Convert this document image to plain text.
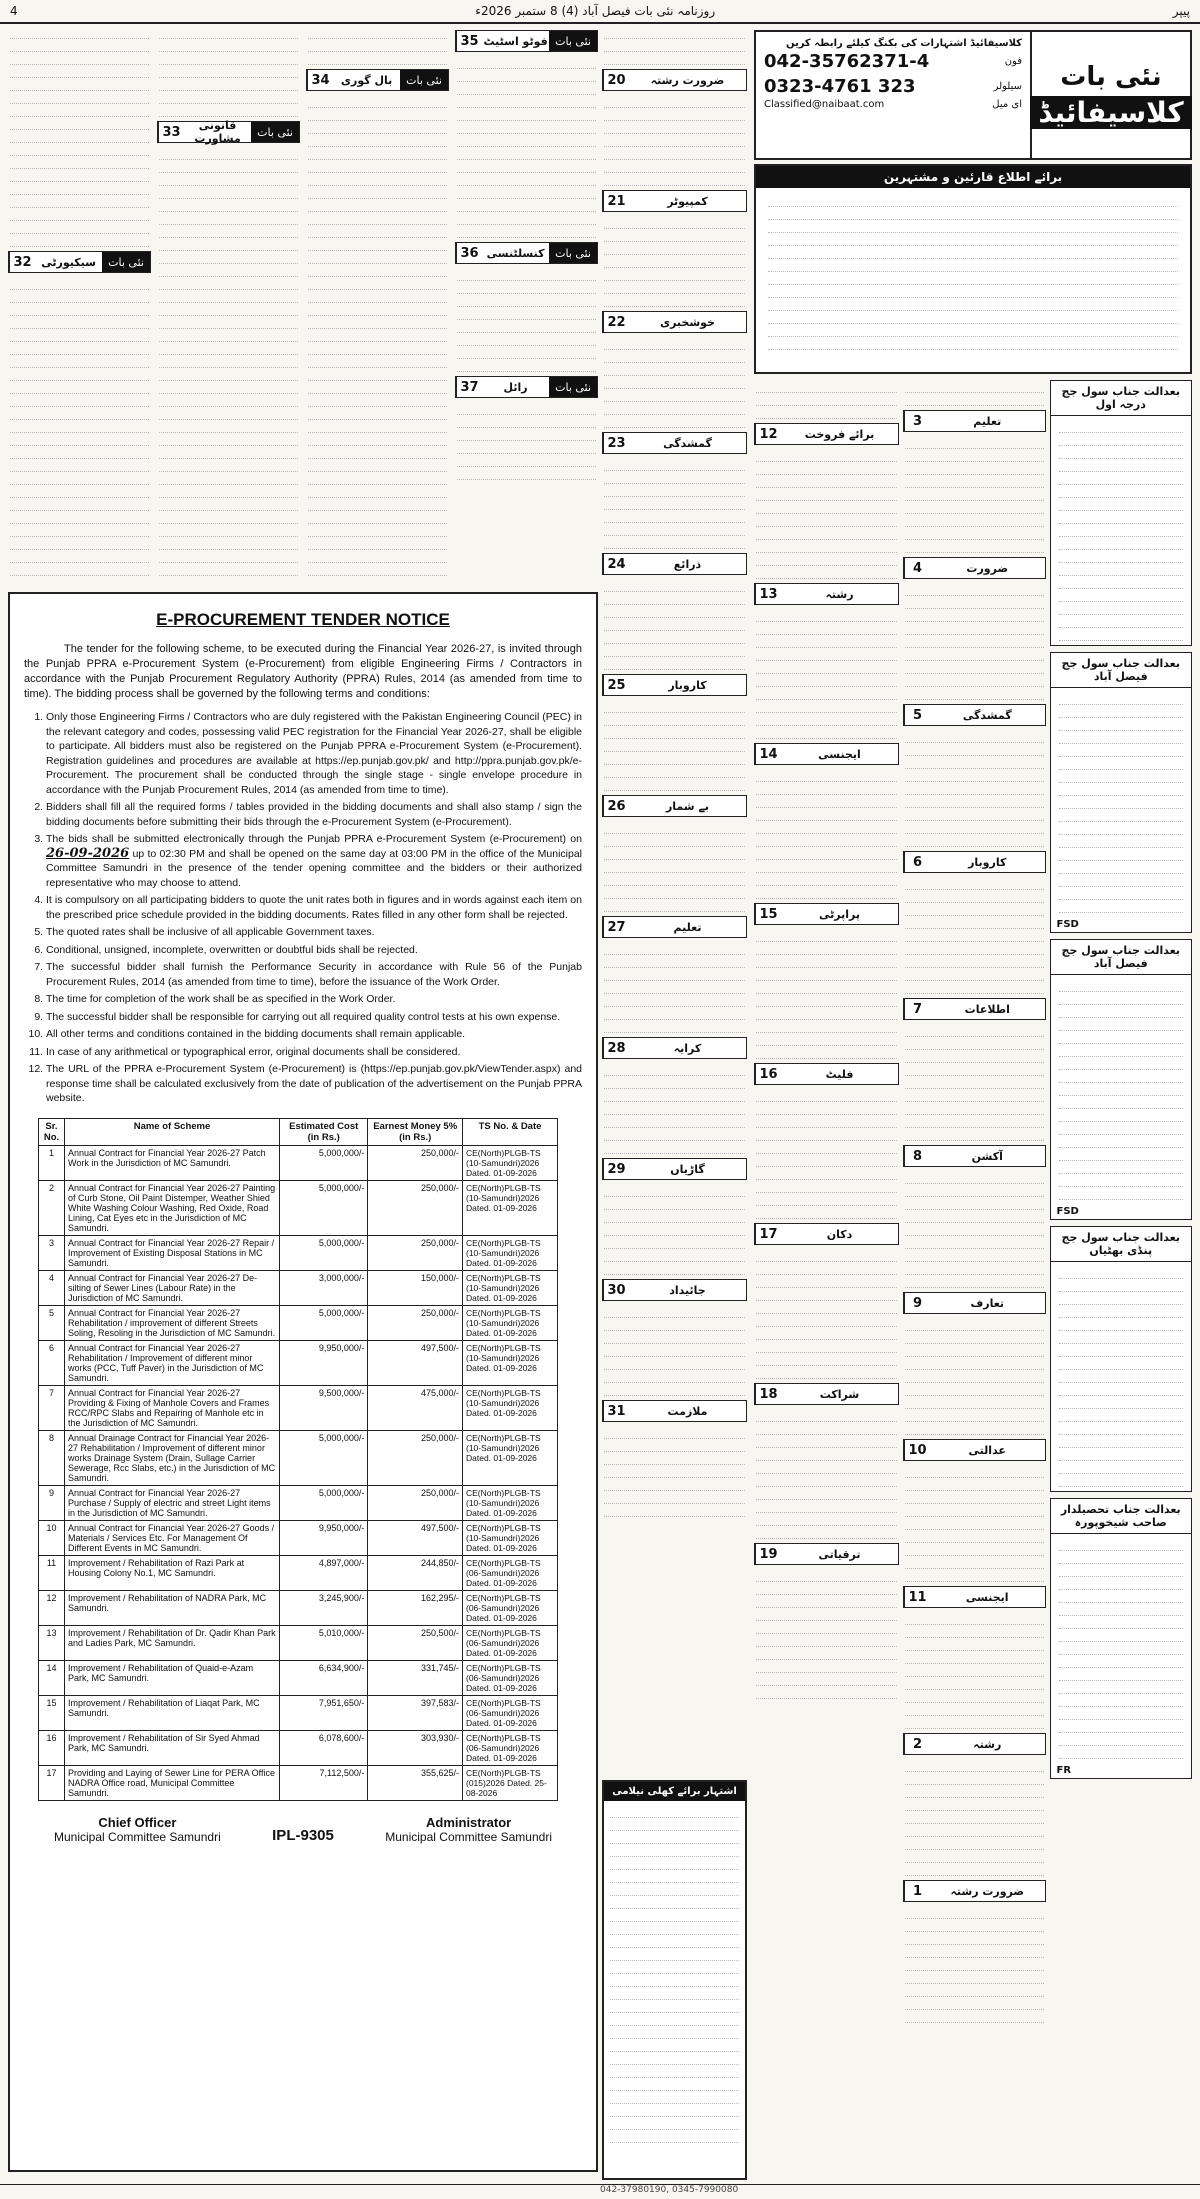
4	روزنامہ نئی بات فیصل آباد (4) 8 ستمبر 2026ء	پیپر
32 سیکیورٹی	نئی بات
33	قانونی مشاورت	نئی بات
34	بال گوری	نئی بات
35 فوٹو اسٹیٹ نئی بات
36 کنسلٹنسی نئی بات
37	رائل	نئی بات
E-PROCUREMENT TENDER NOTICE

The tender for the following scheme, to be executed during the Financial Year 2026-27, is invited through the Punjab PPRA e-Procurement System (e-Procurement) from eligible Engineering Firms / Contractors in accordance with the Punjab Procurement Regulatory Authority (PPRA) Rules, 2014 (as amended from time to time). The bidding process shall be governed by the following terms and conditions:

1. Only those Engineering Firms / Contractors who are duly registered with the Pakistan Engineering Council (PEC) in the relevant category and codes, possessing valid PEC registration for the Financial Year 2026-27, shall be eligible to participate. All bidders must also be registered on the Punjab PPRA e-Procurement System (e-Procurement). Registration guidelines and procedures are available at https://ep.punjab.gov.pk/ and http://ppra.punjab.gov.pk/e-Procurement. The procurement shall be conducted through the single stage - single envelope procedure in accordance with the Punjab Procurement Rules, 2014 (as amended from time to time).
2. Bidders shall fill all the required forms / tables provided in the bidding documents and shall also stamp / sign the bidding documents before submitting their bids through the e-Procurement System (e-Procurement).
3. The bids shall be submitted electronically through the Punjab PPRA e-Procurement System (e-Procurement) on 26-09-2026 up to 02:30 PM and shall be opened on the same day at 03:00 PM in the office of the Municipal Committee Samundri in the presence of the tender opening committee and the bidders or their authorized representative who may choose to attend.
4. It is compulsory on all participating bidders to quote the unit rates both in figures and in words against each item on the prescribed price schedule provided in the bidding documents. Rates filled in any other form shall be rejected.
5. The quoted rates shall be inclusive of all applicable Government taxes.
6. Conditional, unsigned, incomplete, overwritten or doubtful bids shall be rejected.
7. The successful bidder shall furnish the Performance Security in accordance with Rule 56 of the Punjab Procurement Rules, 2014 (as amended from time to time), before the issuance of the Work Order.
8. The time for completion of the work shall be as specified in the Work Order.
9. The successful bidder shall be responsible for carrying out all required quality control tests at his own expense.
10. All other terms and conditions contained in the bidding documents shall remain applicable.
11. In case of any arithmetical or typographical error, original documents shall be considered.
12. The URL of the PPRA e-Procurement System (e-Procurement) is (https://ep.punjab.gov.pk/ViewTender.aspx) and response time shall be calculated exclusively from the date of publication of the advertisement on the Punjab PPRA website.
Sr. No.	Name of Scheme	Estimated Cost (in Rs.)	Earnest Money 5% (in Rs.)	TS No. & Date
1	Annual Contract for Financial Year 2026-27 Patch Work in the Jurisdiction of MC Samundri.	5,000,000/-	250,000/-	CE(North)PLGB-TS (10-Samundri)2026 Dated. 01-09-2026
2	Annual Contract for Financial Year 2026-27 Painting of Curb Stone, Oil Paint Distemper, Weather Shied White Washing Colour Washing, Red Oxide, Road Lining, Cat Eyes etc in the Jurisdiction of MC Samundri.	5,000,000/-	250,000/-	CE(North)PLGB-TS (10-Samundri)2026 Dated. 01-09-2026
3	Annual Contract for Financial Year 2026-27 Repair / Improvement of Existing Disposal Stations in MC Samundri.	5,000,000/-	250,000/-	CE(North)PLGB-TS (10-Samundri)2026 Dated. 01-09-2026
4	Annual Contract for Financial Year 2026-27 De-silting of Sewer Lines (Labour Rate) in the Jurisdiction of MC Samundri.	3,000,000/-	150,000/-	CE(North)PLGB-TS (10-Samundri)2026 Dated. 01-09-2026
5	Annual Contract for Financial Year 2026-27 Rehabilitation / improvement of different Streets Soling, Resoling in the Jurisdiction of MC Samundri.	5,000,000/-	250,000/-	CE(North)PLGB-TS (10-Samundri)2026 Dated. 01-09-2026
6	Annual Contract for Financial Year 2026-27 Rehabilitation / Improvement of different minor works (PCC, Tuff Paver) in the Jurisdiction of MC Samundri.	9,950,000/-	497,500/-	CE(North)PLGB-TS (10-Samundri)2026 Dated. 01-09-2026
7	Annual Contract for Financial Year 2026-27 Providing & Fixing of Manhole Covers and Frames RCC/RPC Slabs and Repairing of Manhole etc in the Jurisdiction of MC Samundri.	9,500,000/-	475,000/-	CE(North)PLGB-TS (10-Samundri)2026 Dated. 01-09-2026
8	Annual Drainage Contract for Financial Year 2026-27 Rehabilitation / Improvement of different minor works Drainage System (Drain, Sullage Carrier Sewerage, Rcc Slabs, etc.) in the Jurisdiction of MC Samundri.	5,000,000/-	250,000/-	CE(North)PLGB-TS (10-Samundri)2026 Dated. 01-09-2026
9	Annual Contract for Financial Year 2026-27 Purchase / Supply of electric and street Light items in the Jurisdiction of MC Samundri.	5,000,000/-	250,000/-	CE(North)PLGB-TS (10-Samundri)2026 Dated. 01-09-2026
10	Annual Contract for Financial Year 2026-27 Goods / Materials / Services Etc. For Management Of Different Events in MC Samundri.	9,950,000/-	497,500/-	CE(North)PLGB-TS (10-Samundri)2026 Dated. 01-09-2026
11	Improvement / Rehabilitation of Razi Park at Housing Colony No.1, MC Samundri.	4,897,000/-	244,850/-	CE(North)PLGB-TS (06-Samundri)2026 Dated. 01-09-2026
12	Improvement / Rehabilitation of NADRA Park, MC Samundri.	3,245,900/-	162,295/-	CE(North)PLGB-TS (06-Samundri)2026 Dated. 01-09-2026
13	Improvement / Rehabilitation of Dr. Qadir Khan Park and Ladies Park, MC Samundri.	5,010,000/-	250,500/-	CE(North)PLGB-TS (06-Samundri)2026 Dated. 01-09-2026
14	Improvement / Rehabilitation of Quaid-e-Azam Park, MC Samundri.	6,634,900/-	331,745/-	CE(North)PLGB-TS (06-Samundri)2026 Dated. 01-09-2026
15	Improvement / Rehabilitation of Liaqat Park, MC Samundri.	7,951,650/-	397,583/-	CE(North)PLGB-TS (06-Samundri)2026 Dated. 01-09-2026
16	Improvement / Rehabilitation of Sir Syed Ahmad Park, MC Samundri.	6,078,600/-	303,930/-	CE(North)PLGB-TS (06-Samundri)2026 Dated. 01-09-2026
17	Providing and Laying of Sewer Line for PERA Office NADRA Office road, Municipal Committee Samundri.	7,112,500/-	355,625/-	CE(North)PLGB-TS (015)2026 Dated. 25-08-2026
Chief Officer
Municipal Committee Samundri	IPL-9305
Administrator
Municipal Committee Samundri
20	ضرورت رشتہ
21	کمپیوٹر
22	خوشخبری
23	گمشدگی
24	ذرائع
25	کاروبار
26	بے شمار
27	تعلیم
28	کرایہ
29	گاڑیاں
30	جائیداد
31	ملازمت
اشتہار برائے کھلی نیلامی
کلاسیفائیڈ اشتہارات کی بکنگ کیلئے رابطہ کریں
فون
042-35762371-4
سیلولر
0323-4761 323
ای میل
Classified@naibaat.com
نئی بات
کلاسیفائیڈ
برائے اطلاع قارئین و مشتہرین
12	برائے فروخت
13	رشتہ
14	ایجنسی
15	پراپرٹی
16	فلیٹ
17	دکان
18	شراکت
19	ترقیاتی
3	تعلیم
4	ضرورت
5	گمشدگی
6	کاروبار
7	اطلاعات
8	آکشن
9	تعارف
10	عدالتی
11	ایجنسی
2	رشتہ
1	ضرورت رشتہ
بعدالت جناب سول جج درجہ اول
بعدالت جناب سول جج فیصل آباد
FSD
بعدالت جناب سول جج فیصل آباد
FSD
بعدالت جناب سول جج پنڈی بھٹیاں
بعدالت جناب تحصیلدار صاحب شیخوپورہ
FR
042-37980190, 0345-7990080
